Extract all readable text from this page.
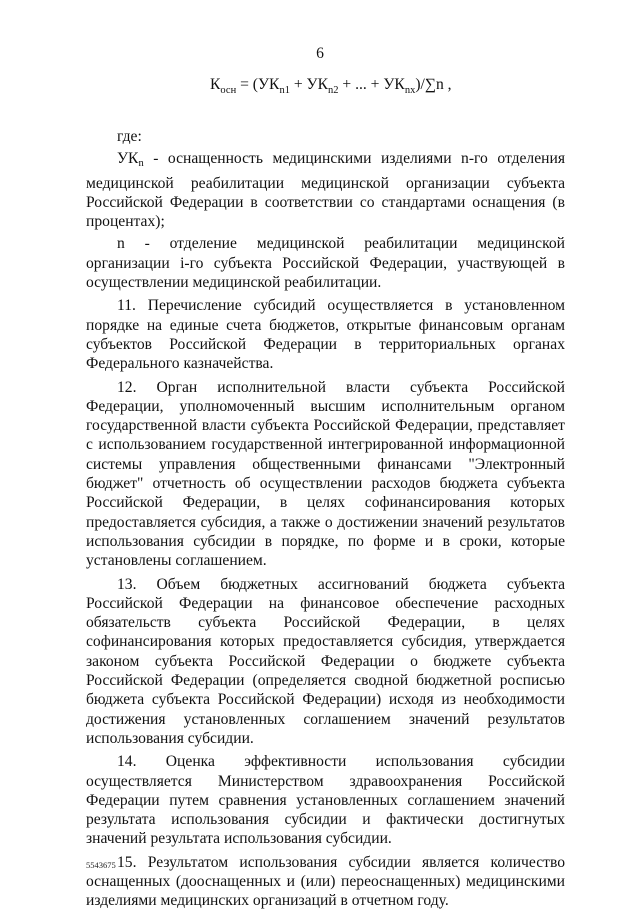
6
$К_{осн} = (УК_{n1} + УК_{n2}$ + ... + $УК_{nх})/\sum n$ ,

где:

$УК_n$ - оснащенность медицинскими изделиями n-го отделения медицинской реабилитации медицинской организации субъекта Российской Федерации в соответствии со стандартами оснащения (в процентах);

n - отделение медицинской реабилитации медицинской организации i-го субъекта Российской Федерации, участвующей в осуществлении медицинской реабилитации.

11. Перечисление субсидий осуществляется в установленном порядке на единые счета бюджетов, открытые финансовым органам субъектов Российской Федерации в территориальных органах Федерального казначейства.

12. Орган исполнительной власти субъекта Российской Федерации, уполномоченный высшим исполнительным органом государственной власти субъекта Российской Федерации, представляет с использованием государственной интегрированной информационной системы управления общественными финансами "Электронный бюджет" отчетность об осуществлении расходов бюджета субъекта Российской Федерации, в целях софинансирования которых предоставляется субсидия, а также о достижении значений результатов использования субсидии в порядке, по форме и в сроки, которые установлены соглашением.

13. Объем бюджетных ассигнований бюджета субъекта Российской Федерации на финансовое обеспечение расходных обязательств субъекта Российской Федерации, в целях софинансирования которых предоставляется субсидия, утверждается законом субъекта Российской Федерации о бюджете субъекта Российской Федерации (определяется сводной бюджетной росписью бюджета субъекта Российской Федерации) исходя из необходимости достижения установленных соглашением значений результатов использования субсидии.

14. Оценка эффективности использования субсидии осуществляется Министерством здравоохранения Российской Федерации путем сравнения установленных соглашением значений результата использования субсидии и фактически достигнутых значений результата использования субсидии.

15. Результатом использования субсидии является количество оснащенных (дооснащенных и (или) переоснащенных) медицинскими изделиями медицинских организаций в отчетном году.

5543675
